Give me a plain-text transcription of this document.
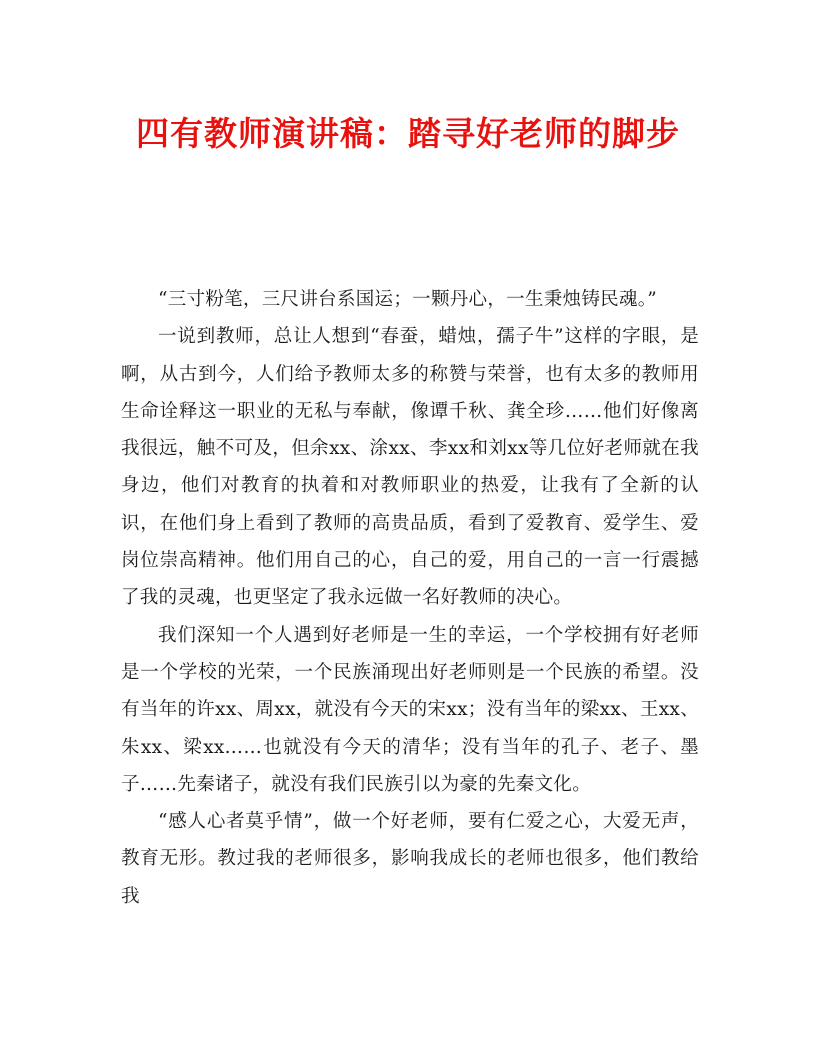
四有教师演讲稿：踏寻好老师的脚步

“三寸粉笔，三尺讲台系国运；一颗丹心，一生秉烛铸民魂。”

一说到教师，总让人想到“春蚕，蜡烛，孺子牛”这样的字眼，是啊，从古到今，人们给予教师太多的称赞与荣誉，也有太多的教师用生命诠释这一职业的无私与奉献，像谭千秋、龚全珍……他们好像离我很远，触不可及，但余xx、涂xx、李xx和刘xx等几位好老师就在我身边，他们对教育的执着和对教师职业的热爱，让我有了全新的认识，在他们身上看到了教师的高贵品质，看到了爱教育、爱学生、爱岗位崇高精神。他们用自己的心，自己的爱，用自己的一言一行震撼了我的灵魂，也更坚定了我永远做一名好教师的决心。

我们深知一个人遇到好老师是一生的幸运，一个学校拥有好老师是一个学校的光荣，一个民族涌现出好老师则是一个民族的希望。没有当年的许xx、周xx，就没有今天的宋xx；没有当年的梁xx、王xx、朱xx、梁xx……也就没有今天的清华；没有当年的孔子、老子、墨子……先秦诸子，就没有我们民族引以为豪的先秦文化。

“感人心者莫乎情”，做一个好老师，要有仁爱之心，大爱无声，教育无形。教过我的老师很多，影响我成长的老师也很多，他们教给我
